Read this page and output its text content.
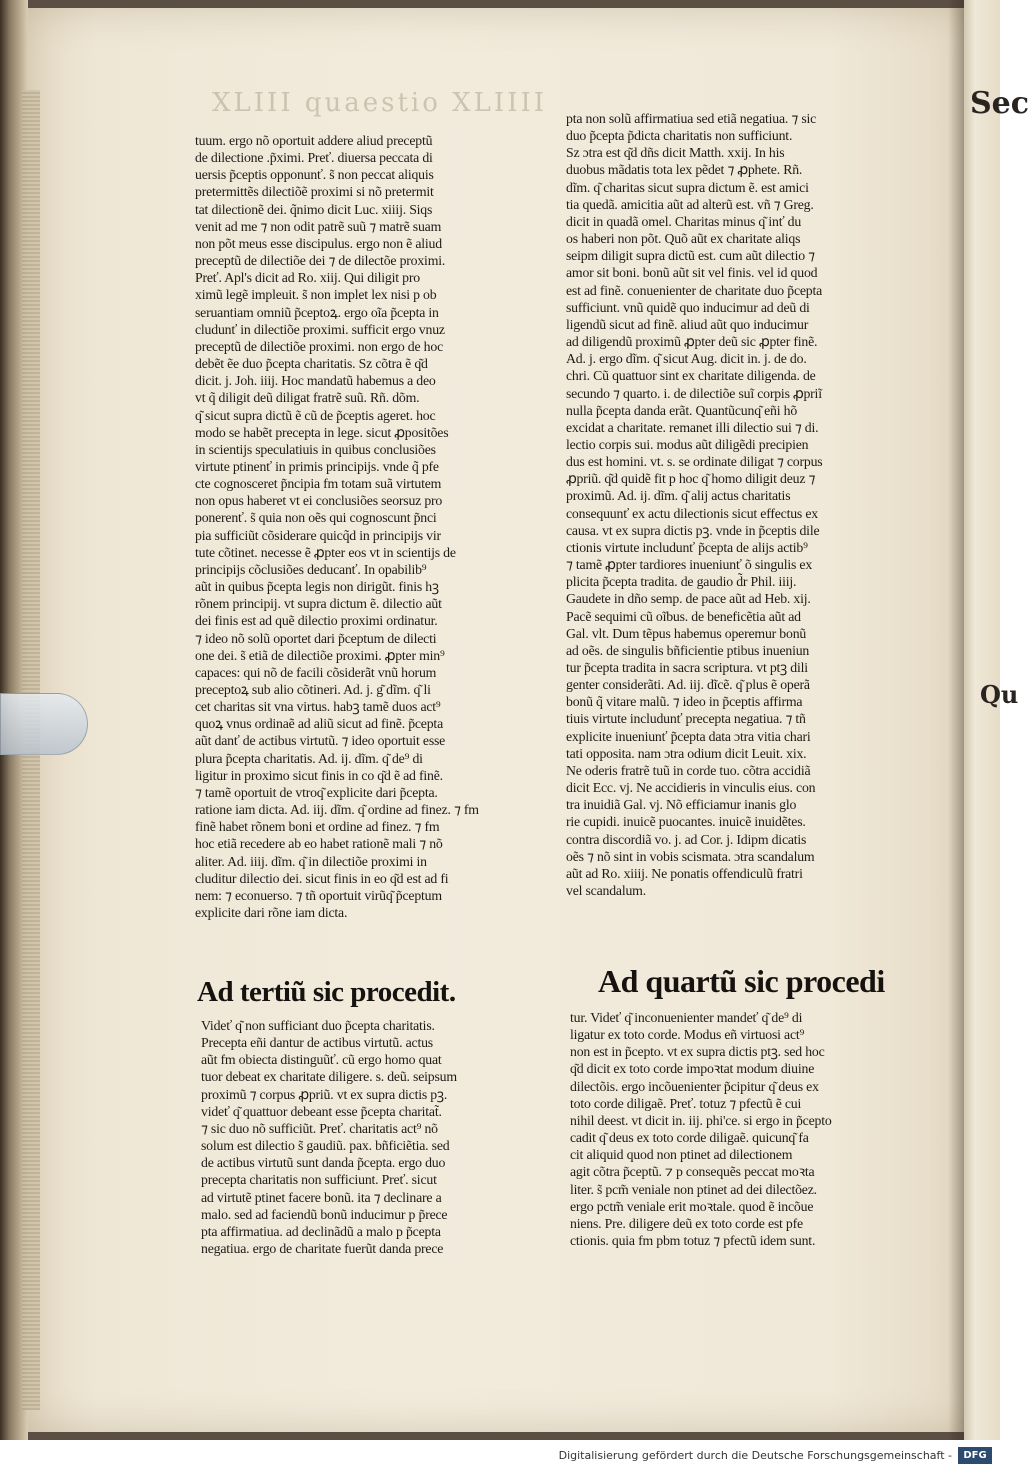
XLIII quaestio XLIIII	Sec
Qu

tuum. ergo nõ oportuit addere aliud preceptũ

de dilectione .p̃ximi. Preť. diuersa peccata di

uersis p̃ceptis opponunť. s̃ non peccat aliquis

pretermittẽs dilectiõẽ proximi si nõ pretermit

tat dilectionẽ dei. q̃nimo dicit Luc. xiiij. Siqs

venit ad me ⁊ non odit patrẽ suũ ⁊ matrẽ suam

non põt meus esse discipulus. ergo non ẽ aliud

preceptũ de dilectiõe dei ⁊ de dilectõe proximi.

Preť. Apl's dicit ad Ro. xiij. Qui diligit pro

ximũ legẽ impleuit. s̃ non implet lex nisi p ob

seruantiam omniũ p̃ceptoꝝ. ergo oĩa p̃cepta in

cludunť in dilectiõe proximi. sufficit ergo vnuz

preceptũ de dilectiõe proximi. non ergo de hoc

debẽt ẽe duo p̃cepta charitatis. Sz cõtra ẽ q͂d

dicit. j. Joh. iiij. Hoc mandatũ habemus a deo

vt q̃ diligit deũ diligat fratrẽ suũ. Rñ. dõm.

q͂ sicut supra dictũ ẽ cũ de p̃ceptis ageret. hoc

modo se habẽt precepta in lege. sicut ꝓpositões

in scientijs speculatiuis in quibus conclusiões

virtute ptinenť in primis principijs. vnde q̃ pfe

cte cognosceret p̃ncipia fm totam suã virtutem

non opus haberet vt ei conclusiões seorsuz pro

ponerenť. s̃ quia non oẽs qui cognoscunt p̃nci

pia sufficiũt cõsiderare quicq̃d in principijs vir

tute cõtinet. necesse ẽ ꝓpter eos vt in scientijs de

principijs cõclusiões deducanť. In opabilib⁹

aũt in quibus p̃cepta legis non dirigũt. finis hꝫ

rõnem principij. vt supra dictum ẽ. dilectio aũt

dei finis est ad quẽ dilectio proximi ordinatur.

⁊ ideo nõ solũ oportet dari p̃ceptum de dilecti

one dei. s̃ etiã de dilectiõe proximi. ꝓpter min⁹

capaces: qui nõ de facili cõsiderãt vnũ horum

preceptoꝝ sub alio cõtineri. Ad. j. g͂ dĩm. q͂ li

cet charitas sit vna virtus. habꝫ tamẽ duos act⁹

quoꝝ vnus ordinaẽ ad aliũ sicut ad finẽ. p̃cepta

aũt danť de actibus virtutũ. ⁊ ideo oportuit esse

plura p̃cepta charitatis. Ad. ij. dĩm. q͂ de⁹ di

ligitur in proximo sicut finis in co q͂d ẽ ad finẽ.

⁊ tamẽ oportuit de vtroq͂ explicite dari p̃cepta.

ratione iam dicta. Ad. iij. dĩm. q͂ ordine ad finez. ⁊ fm

finẽ habet rõnem boni et ordine ad finez. ⁊ fm

hoc etiã recedere ab eo habet rationẽ mali ⁊ nõ

aliter. Ad. iiij. dĩm. q͂ in dilectiõe proximi in

cluditur dilectio dei. sicut finis in eo q͂d est ad fi

nem: ⁊ econuerso. ⁊ tñ oportuit virũq͂ p̃ceptum

explicite dari rõne iam dicta.

Ad tertiũ sic procedit.

Videť q͂ non sufficiant duo p̃cepta charitatis.

Precepta eñi dantur de actibus virtutũ. actus

aũt fm obiecta distinguũť. cũ ergo homo quat

tuor debeat ex charitate diligere. s. deũ. seipsum

proximũ ⁊ corpus ꝓpriũ. vt ex supra dictis pꝫ.

videť q͂ quattuor debeant esse p̃cepta charitat̃.

⁊ sic duo nõ sufficiũt. Preť. charitatis act⁹ nõ

solum est dilectio s̃ gaudiũ. pax. bñficiẽtia. sed

de actibus virtutũ sunt danda p̃cepta. ergo duo

precepta charitatis non sufficiunt. Preť. sicut

ad virtutẽ ptinet facere bonũ. ita ⁊ declinare a

malo. sed ad faciendũ bonũ inducimur p p̃rece

pta affirmatiua. ad declinãdũ a malo p p̃cepta

negatiua. ergo de charitate fuerũt danda prece

pta non solũ affirmatiua sed etiã negatiua. ⁊ sic

duo p̃cepta p̃dicta charitatis non sufficiunt.

Sz ɔtra est q͂d dñs dicit Matth. xxij. In his

duobus mãdatis tota lex pẽdet ⁊ ꝓphete. Rñ.

dĩm. q͂ charitas sicut supra dictum ẽ. est amici

tia quedã. amicitia aũt ad alterũ est. vñ ⁊ Greg.

dicit in quadã omel. Charitas minus q͂ inť du

os haberi non põt. Quõ aũt ex charitate aliqs

seipm diligit supra dictũ est. cum aũt dilectio ⁊

amor sit boni. bonũ aũt sit vel finis. vel id quod

est ad finẽ. conuenienter de charitate duo p̃cepta

sufficiunt. vnũ quidẽ quo inducimur ad deũ di

ligendũ sicut ad finẽ. aliud aũt quo inducimur

ad diligendũ proximũ ꝓpter deũ sic ꝓpter finẽ.

Ad. j. ergo dĩm. q͂ sicut Aug. dicit in. j. de do.

chri. Cũ quattuor sint ex charitate diligenda. de

secundo ⁊ quarto. i. de dilectiõe suĩ corpis ꝓpriĩ

nulla p̃cepta danda erãt. Quantũcunq͂ eñi hõ

excidat a charitate. remanet illi dilectio sui ⁊ di.

lectio corpis sui. modus aũt diligẽdi precipien

dus est homini. vt. s. se ordinate diligat ⁊ corpus

ꝓpriũ. q͂d quidẽ fit p hoc q͂ homo diligit deuz ⁊

proximũ. Ad. ij. dĩm. q͂ alij actus charitatis

consequunť ex actu dilectionis sicut effectus ex

causa. vt ex supra dictis pꝫ. vnde in p̃ceptis dile

ctionis virtute includunť p̃cepta de alijs actib⁹

⁊ tamẽ ꝓpter tardiores inueniunť õ singulis ex

plicita p̃cepta tradita. de gaudio d̃r Phil. iiij.

Gaudete in dño semp. de pace aũt ad Heb. xij.

Pacẽ sequimi cũ oĩbus. de beneficẽtia aũt ad

Gal. vlt. Dum tẽpus habemus operemur bonũ

ad oẽs. de singulis bñficientie ptibus inueniun

tur p̃cepta tradita in sacra scriptura. vt ptꝫ dili

genter considerãti. Ad. iij. dĩcẽ. q͂ plus ẽ operã

bonũ q̃ vitare malũ. ⁊ ideo in p̃ceptis affirma

tiuis virtute includunť precepta negatiua. ⁊ tñ

explicite inueniunť p̃cepta data ɔtra vitia chari

tati opposita. nam ɔtra odium dicit Leuit. xix.

Ne oderis fratrẽ tuũ in corde tuo. cõtra accidiã

dicit Ecc. vj. Ne accidieris in vinculis eius. con

tra inuidiã Gal. vj. Nõ efficiamur inanis glo

rie cupidi. inuicẽ puocantes. inuicẽ inuidẽtes.

contra discordiã vo. j. ad Cor. j. Idipm dicatis

oẽs ⁊ nõ sint in vobis scismata. ɔtra scandalum

aũt ad Ro. xiiij. Ne ponatis offendiculũ fratri

vel scandalum.

Ad quartũ sic procedi

tur. Videť q͂ inconuenienter mandeť q͂ de⁹ di

ligatur ex toto corde. Modus eñ virtuosi act⁹

non est in p̃cepto. vt ex supra dictis ptꝫ. sed hoc

q͂d dicit ex toto corde impoꝛtat modum diuine

dilectõis. ergo incõuenienter p̃cipitur q͂ deus ex

toto corde diligaẽ. Preť. totuz ⁊ pfectũ ẽ cui

nihil deest. vt dicit in. iij. phi'ce. si ergo in p̃cepto

cadit q͂ deus ex toto corde diligaẽ. quicunq͂ fa

cit aliquid quod non ptinet ad dilectionem

agit cõtra p̃ceptũ. ⁊ p consequẽs peccat moꝛta

liter. s̃ pcm̃ veniale non ptinet ad dei dilectõez.

ergo pctm̃ veniale erit moꝛtale. quod ẽ incõue

niens. Pre. diligere deũ ex toto corde est pfe

ctionis. quia fm pbm totuz ⁊ pfectũ idem sunt.

Digitalisierung gefördert durch die Deutsche Forschungsgemeinschaft -	DFG
